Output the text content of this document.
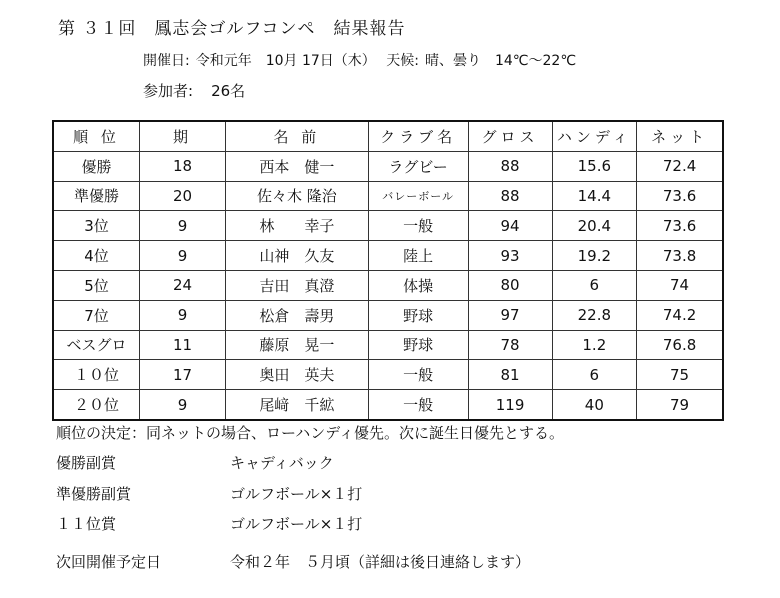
第 ３１回　鳳志会ゴルフコンペ　結果報告
開催日: 令和元年　10月 17日（木） 天候: 晴、曇り　14℃〜22℃
参加者: 26名
順 位	期	名 前	クラブ名	グロス	ハンディ	ネット
優勝	18	西本　健一	ラグビー	88	15.6	72.4
準優勝	20	佐々木 隆治	バレーボール	88	14.4	73.6
3位	9	林　　幸子	一般	94	20.4	73.6
4位	9	山神　久友	陸上	93	19.2	73.8
5位	24	吉田　真澄	体操	80	6	74
7位	9	松倉　壽男	野球	97	22.8	74.2
ベスグロ	11	藤原　晃一	野球	78	1.2	76.8
１０位	17	奥田　英夫	一般	81	6	75
２０位	9	尾﨑　千絋	一般	119	40	79
順位の決定：同ネットの場合、ローハンディ優先。次に誕生日優先とする。
優勝副賞	キャディバック
準優勝副賞	ゴルフボール×１打
１１位賞	ゴルフボール×１打
次回開催予定日	令和２年　５月頃（詳細は後日連絡します）
